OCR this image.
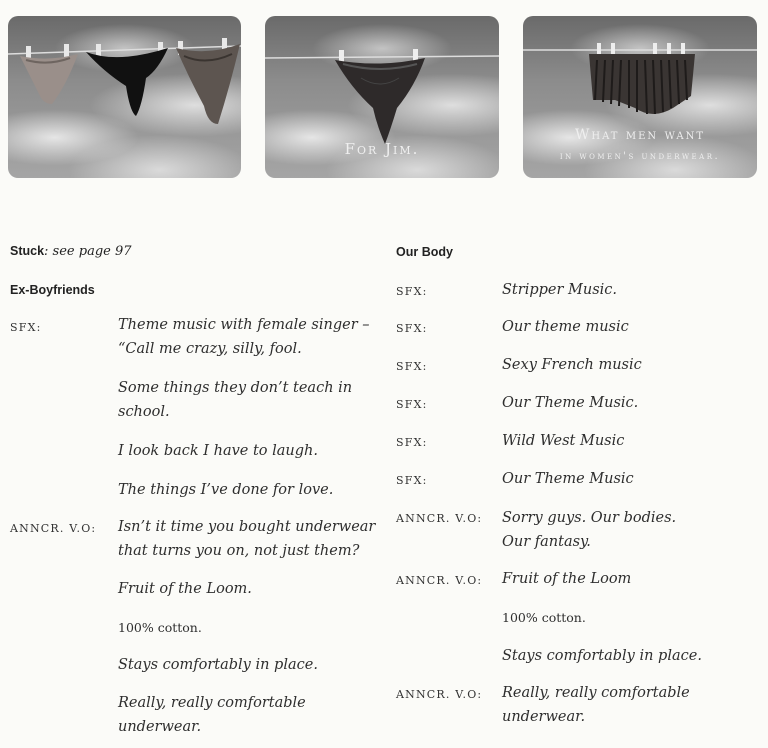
For Jim.
What men want
in women's underwear.
Stuck: see page 97
Ex-Boyfriends
SFX:	Theme music with female singer –
“Call me crazy, silly, fool.
Some things they don’t teach in
school.
I look back I have to laugh.
The things I’ve done for love.
ANNCR. V.O: Isn’t it time you bought underwear
that turns you on, not just them?
Fruit of the Loom.
100% cotton.
Stays comfortably in place.
Really, really comfortable
underwear.
Our Body
SFX:	Stripper Music.
SFX:	Our theme music
SFX:	Sexy French music
SFX:	Our Theme Music.
SFX:	Wild West Music
SFX:	Our Theme Music
ANNCR. V.O: Sorry guys. Our bodies.
Our fantasy.
ANNCR. V.O: Fruit of the Loom
100% cotton.
Stays comfortably in place.
ANNCR. V.O: Really, really comfortable
underwear.
